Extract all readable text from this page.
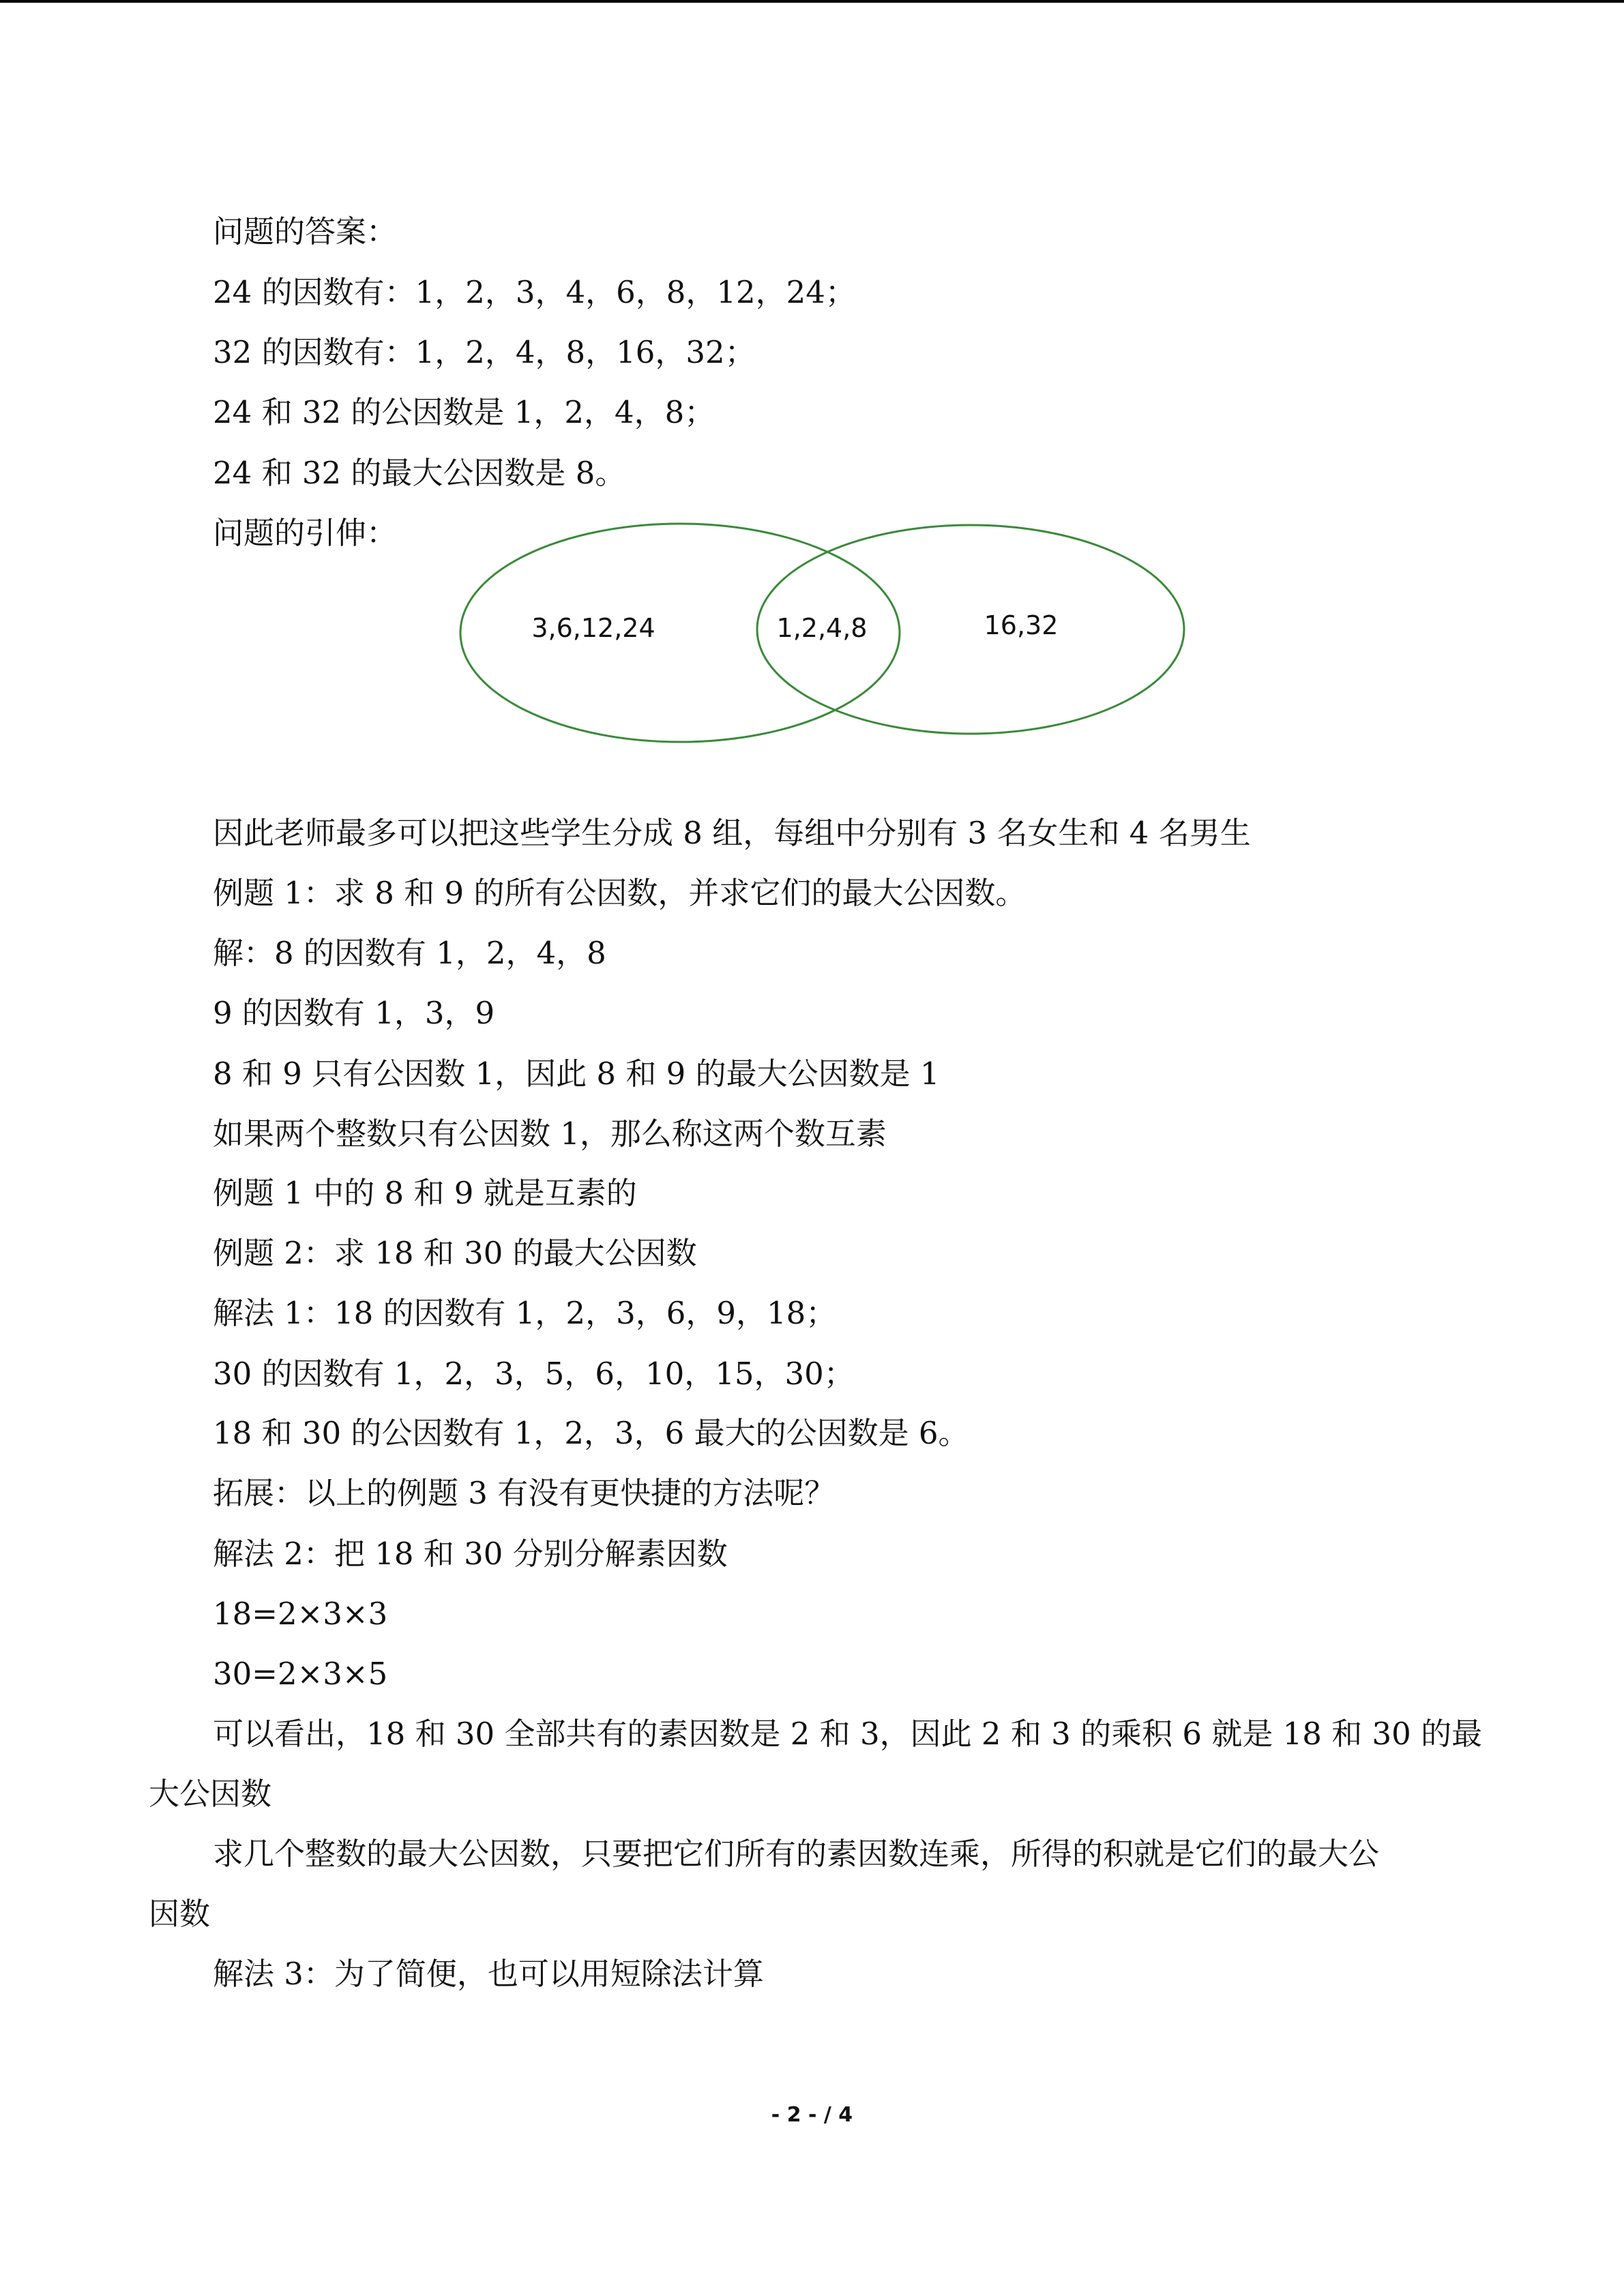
问题的答案：
24 的因数有：1，2，3，4，6，8，12，24；
32 的因数有：1，2，4，8，16，32；
24 和 32 的公因数是 1，2，4，8；
24 和 32 的最大公因数是 8。
问题的引伸：
3,6,12,24	1,2,4,8	16,32
因此老师最多可以把这些学生分成 8 组，每组中分别有 3 名女生和 4 名男生
例题 1：求 8 和 9 的所有公因数，并求它们的最大公因数。
解：8 的因数有 1，2，4，8
9 的因数有 1，3，9
8 和 9 只有公因数 1，因此 8 和 9 的最大公因数是 1
如果两个整数只有公因数 1，那么称这两个数互素
例题 1 中的 8 和 9 就是互素的
例题 2：求 18 和 30 的最大公因数
解法 1：18 的因数有 1，2，3，6，9，18；
30 的因数有 1，2，3，5，6，10，15，30；
18 和 30 的公因数有 1，2，3，6 最大的公因数是 6。
拓展：以上的例题 3 有没有更快捷的方法呢？
解法 2：把 18 和 30 分别分解素因数
18=2×3×3
30=2×3×5
可以看出，18 和 30 全部共有的素因数是 2 和 3，因此 2 和 3 的乘积 6 就是 18 和 30 的最
大公因数
求几个整数的最大公因数，只要把它们所有的素因数连乘，所得的积就是它们的最大公
因数
解法 3：为了简便，也可以用短除法计算
- 2 - / 4
